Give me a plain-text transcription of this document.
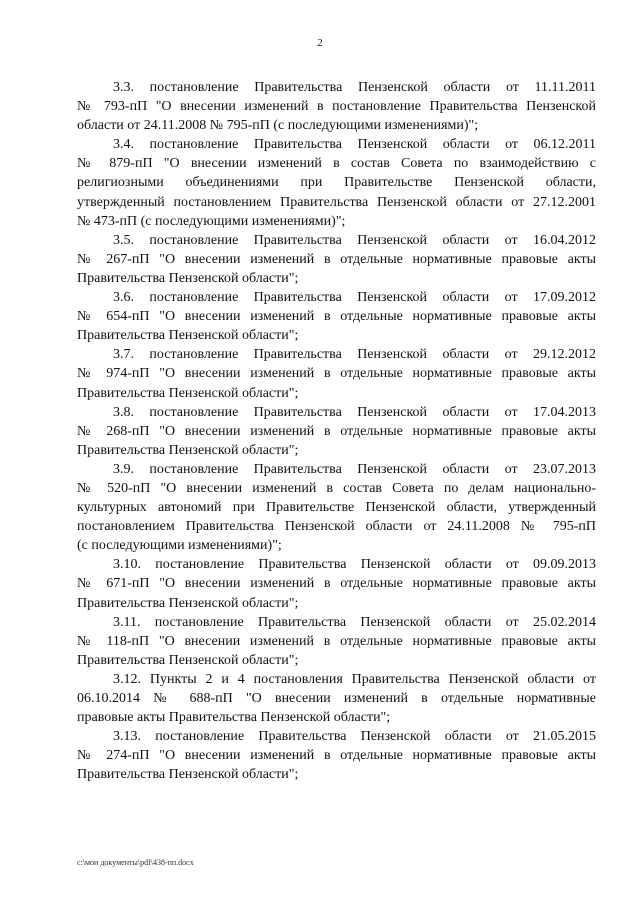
2

3.3. постановление Правительства Пензенской области от 11.11.2011
№ 793-пП "О внесении изменений в постановление Правительства Пензенской
области от 24.11.2008 № 795-пП (с последующими изменениями)";

3.4. постановление Правительства Пензенской области от 06.12.2011
№ 879-пП "О внесении изменений в состав Совета по взаимодействию с
религиозными объединениями при Правительстве Пензенской области,
утвержденный постановлением Правительства Пензенской области от 27.12.2001
№ 473-пП (с последующими изменениями)";

3.5. постановление Правительства Пензенской области от 16.04.2012
№ 267-пП "О внесении изменений в отдельные нормативные правовые акты
Правительства Пензенской области";

3.6. постановление Правительства Пензенской области от 17.09.2012
№ 654-пП "О внесении изменений в отдельные нормативные правовые акты
Правительства Пензенской области";

3.7. постановление Правительства Пензенской области от 29.12.2012
№ 974-пП "О внесении изменений в отдельные нормативные правовые акты
Правительства Пензенской области";

3.8. постановление Правительства Пензенской области от 17.04.2013
№ 268-пП "О внесении изменений в отдельные нормативные правовые акты
Правительства Пензенской области";

3.9. постановление Правительства Пензенской области от 23.07.2013
№ 520-пП "О внесении изменений в состав Совета по делам национально-
культурных автономий при Правительстве Пензенской области, утвержденный
постановлением Правительства Пензенской области от 24.11.2008 № 795-пП
(с последующими изменениями)";

3.10. постановление Правительства Пензенской области от 09.09.2013
№ 671-пП "О внесении изменений в отдельные нормативные правовые акты
Правительства Пензенской области";

3.11. постановление Правительства Пензенской области от 25.02.2014
№ 118-пП "О внесении изменений в отдельные нормативные правовые акты
Правительства Пензенской области";

3.12. Пункты 2 и 4 постановления Правительства Пензенской области от
06.10.2014 № 688-пП "О внесении изменений в отдельные нормативные
правовые акты Правительства Пензенской области";

3.13. постановление Правительства Пензенской области от 21.05.2015
№ 274-пП "О внесении изменений в отдельные нормативные правовые акты
Правительства Пензенской области";

c:\мои документы\pdf\438-пп.docx
